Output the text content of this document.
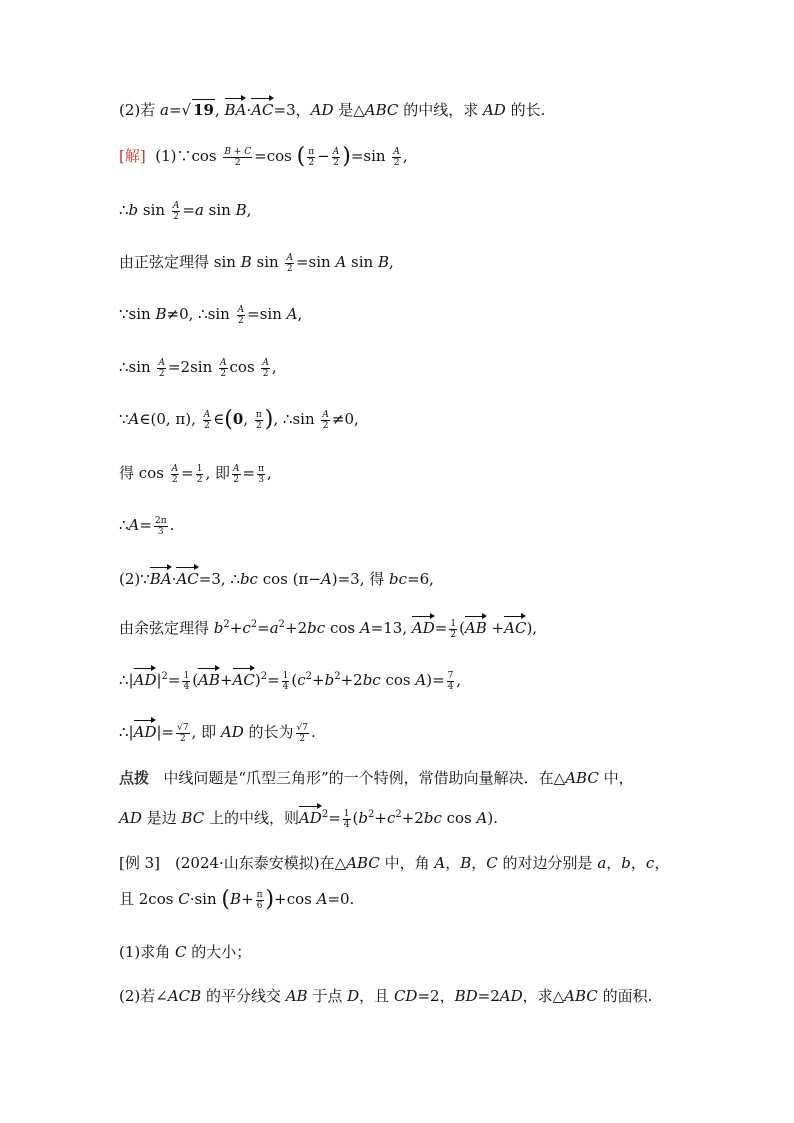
(2)若 a=√ 19, BA·AC=3，AD 是△ABC 的中线，求 AD 的长.
[解]  (1)∵cos $\frac{B + C}{2} =\cos$ ( $\frac{\pi}{2} - \frac{A}{2} )=\sin \frac{A}{2}$ ,
∴b $\sin \frac{A}{2} =a$ sin B,
由正弦定理得 sin B $\sin \frac{A}{2} =\sin$ A sin B,
∵sin B≠0, ∴sin $\frac{A}{2} =\sin$ A,
∴sin $\frac{A}{2} =2\sin \frac{A}{2}$ $\cos \frac{A}{2}$ ,
∵A∈(0, π), $\frac{A}{2}$ ∈(0, $\frac{\pi}{2}$ ), ∴sin $\frac{A}{2} \ne 0$,
得 $\cos \frac{A}{2} = \frac{1}{2}$ , 即 $\frac{A}{2} = \frac{\pi}{3}$ ,
∴A= $\frac{2\pi}{3}$ .
(2)∵BA·AC=3, ∴bc cos (π−A)=3, 得 bc=6,
由余弦定理得 $b^2+c^2=a^2+2bc$ cos A=13, $AD= \frac{1}{2} (AB +AC)$,
$\therefore|AD|^2= \frac{1}{4} (AB+AC)^2= \frac{1}{4} (c^2+b^2+2bc$ $\cos A)= \frac{7}{4}$ ,
∴|AD|= $\frac{√7}{2}$ , 即 AD 的长为 $\frac{√7}{2}$ .
点拨   中线问题是“爪型三角形”的一个特例，常借助向量解决．在△ABC 中，
AD 是边 BC 上的中线，则$AD^2= \frac{1}{4} (b^2+c^2+2bc$ cos A).
[例 3]　(2024·山东泰安模拟)在△ABC 中，角 A，B，C 的对边分别是 a，b，c，
且 2cos C·sin $(B+ \frac{\pi}{6} )+\cos$ A=0.
(1)求角 C 的大小；
(2)若∠ACB 的平分线交 AB 于点 D，且 CD=2，BD=2AD，求△ABC 的面积.
